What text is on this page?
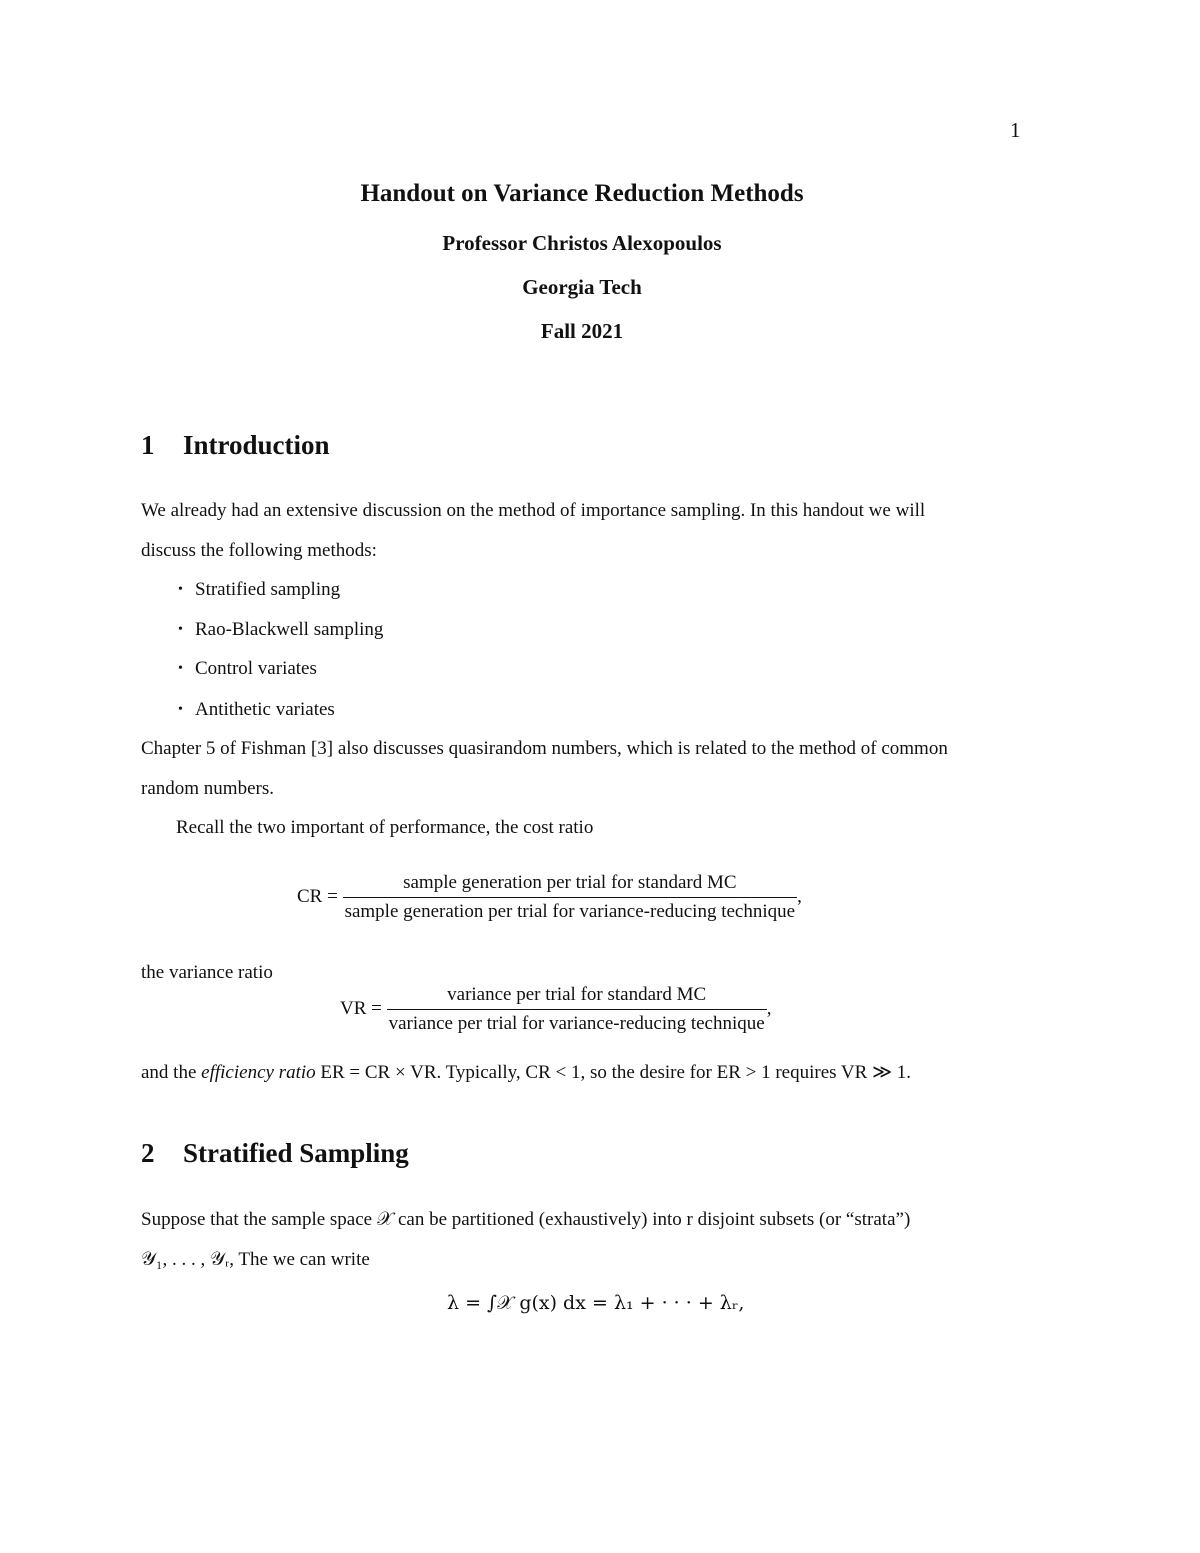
1
Handout on Variance Reduction Methods
Professor Christos Alexopoulos
Georgia Tech
Fall 2021
1 Introduction
We already had an extensive discussion on the method of importance sampling. In this handout we will
discuss the following methods:
Stratified sampling
Rao-Blackwell sampling
Control variates
Antithetic variates
Chapter 5 of Fishman [3] also discusses quasirandom numbers, which is related to the method of common
random numbers.
Recall the two important of performance, the cost ratio
CR = $\frac{\text{sample generation per trial for standard MC}}{\text{sample generation per trial for variance-reducing technique}}$ ,
the variance ratio
VR = $\frac{\text{variance per trial for standard MC}}{\text{variance per trial for variance-reducing technique}}$ ,
and the efficiency ratio ER = CR × VR. Typically, CR < 1, so the desire for ER > 1 requires VR ≫ 1.
2 Stratified Sampling
Suppose that the sample space 𝒳 can be partitioned (exhaustively) into r disjoint subsets (or “strata”)
𝒴₁, . . . , 𝒴ᵣ, The we can write
λ = ∫𝒳 g(x) dx = λ₁ + · · · + λᵣ,
